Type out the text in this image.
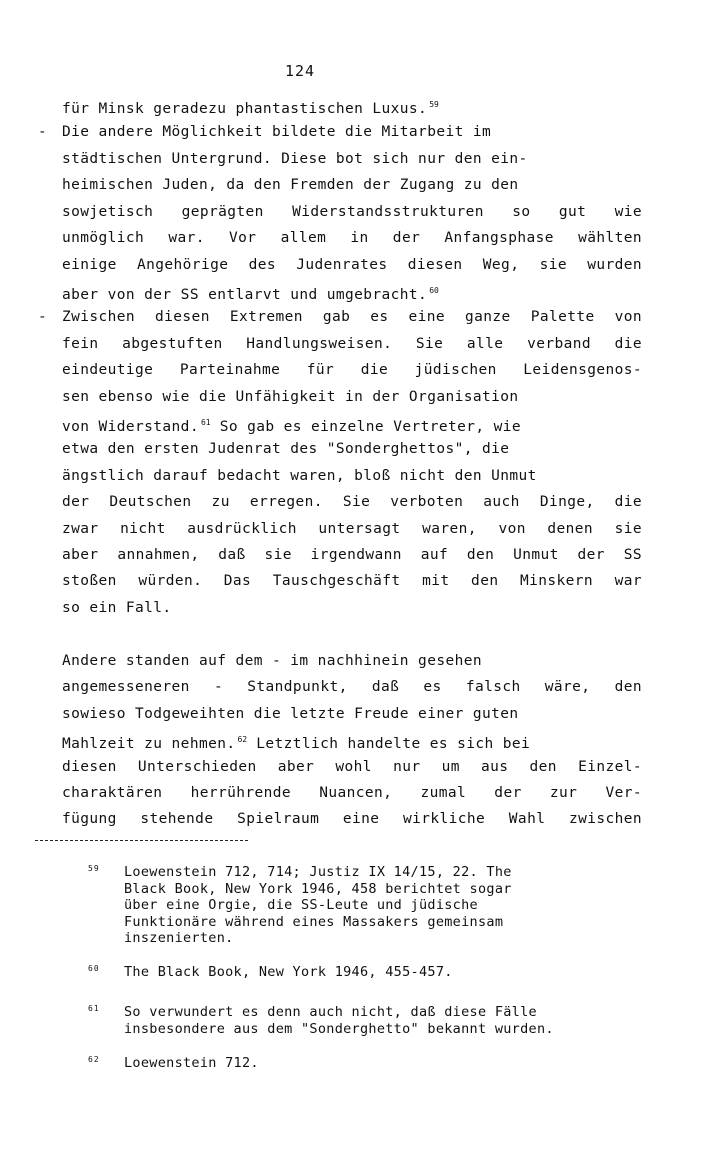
124
-
-
für Minsk geradezu phantastischen Luxus. $^{59}$
Die andere Möglichkeit bildete die Mitarbeit im
städtischen Untergrund. Diese bot sich nur den ein-
heimischen Juden, da den Fremden der Zugang zu den
sowjetisch geprägten Widerstandsstrukturen so gut wie
unmöglich war. Vor allem in der Anfangsphase wählten
einige Angehörige des Judenrates diesen Weg, sie wurden
aber von der SS entlarvt und umgebracht. $^{60}$
Zwischen diesen Extremen gab es eine ganze Palette von
fein abgestuften Handlungsweisen. Sie alle verband die
eindeutige Parteinahme für die jüdischen Leidensgenos-
sen ebenso wie die Unfähigkeit in der Organisation
von Widerstand. $^{61}$ So gab es einzelne Vertreter, wie
etwa den ersten Judenrat des "Sonderghettos", die
ängstlich darauf bedacht waren, bloß nicht den Unmut
der Deutschen zu erregen. Sie verboten auch Dinge, die
zwar nicht ausdrücklich untersagt waren, von denen sie
aber annahmen, daß sie irgendwann auf den Unmut der SS
stoßen würden. Das Tauschgeschäft mit den Minskern war
so ein Fall.
Andere standen auf dem - im nachhinein gesehen
angemesseneren - Standpunkt, daß es falsch wäre, den
sowieso Todgeweihten die letzte Freude einer guten
Mahlzeit zu nehmen. $^{62}$ Letztlich handelte es sich bei
diesen Unterschieden aber wohl nur um aus den Einzel-
charaktären herrührende Nuancen, zumal der zur Ver-
fügung stehende Spielraum eine wirkliche Wahl zwischen
59 Loewenstein 712, 714; Justiz IX 14/15, 22. The
Black Book, New York 1946, 458 berichtet sogar
über eine Orgie, die SS-Leute und jüdische
Funktionäre während eines Massakers gemeinsam
inszenierten.
60 The Black Book, New York 1946, 455-457.
61 So verwundert es denn auch nicht, daß diese Fälle
insbesondere aus dem "Sonderghetto" bekannt wurden.
62 Loewenstein 712.
